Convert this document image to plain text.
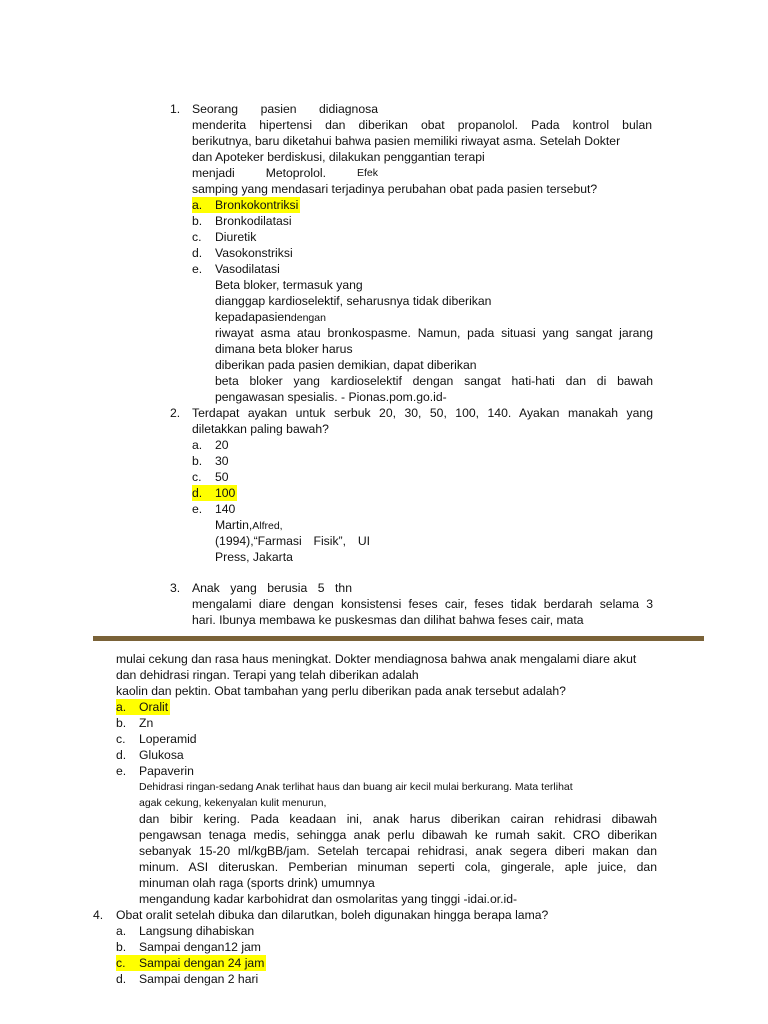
1. Seorang pasien didiagnosa
menderita hipertensi dan diberikan obat propanolol. Pada kontrol bulan
berikutnya, baru diketahui bahwa pasien memiliki riwayat asma. Setelah Dokter
dan Apoteker berdiskusi, dilakukan penggantian terapi
menjadi	Metoprolol.	Efek
samping yang mendasari terjadinya perubahan obat pada pasien tersebut?
a. Bronkokontriksi
b. Bronkodilatasi
c. Diuretik
d. Vasokonstriksi
e. Vasodilatasi
Beta bloker, termasuk yang
dianggap kardioselektif, seharusnya tidak diberikan
kepadapasiendengan
riwayat asma atau bronkospasme. Namun, pada situasi yang sangat jarang
dimana beta bloker harus
diberikan pada pasien demikian, dapat diberikan
beta bloker yang kardioselektif dengan sangat hati-hati dan di bawah
pengawasan spesialis. - Pionas.pom.go.id-
2. Terdapat ayakan untuk serbuk 20, 30, 50, 100, 140. Ayakan manakah yang
diletakkan paling bawah?
a. 20
b. 30
c. 50
d. 100
e. 140
Martin,Alfred,
(1994),“Farmasi Fisik”, UI
Press, Jakarta
3. Anak yang berusia 5 thn
mengalami diare dengan konsistensi feses cair, feses tidak berdarah selama 3
hari. Ibunya membawa ke puskesmas dan dilihat bahwa feses cair, mata
mulai cekung dan rasa haus meningkat. Dokter mendiagnosa bahwa anak mengalami diare akut
dan dehidrasi ringan. Terapi yang telah diberikan adalah
kaolin dan pektin. Obat tambahan yang perlu diberikan pada anak tersebut adalah?
a. Oralit
b. Zn
c. Loperamid
d. Glukosa
e. Papaverin
Dehidrasi ringan-sedang Anak terlihat haus dan buang air kecil mulai berkurang. Mata terlihat
agak cekung, kekenyalan kulit menurun,
dan bibir kering. Pada keadaan ini, anak harus diberikan cairan rehidrasi dibawah
pengawsan tenaga medis, sehingga anak perlu dibawah ke rumah sakit. CRO diberikan
sebanyak 15-20 ml/kgBB/jam. Setelah tercapai rehidrasi, anak segera diberi makan dan
minum. ASI diteruskan. Pemberian minuman seperti cola, gingerale, aple juice, dan
minuman olah raga (sports drink) umumnya
mengandung kadar karbohidrat dan osmolaritas yang tinggi -idai.or.id-
4. Obat oralit setelah dibuka dan dilarutkan, boleh digunakan hingga berapa lama?
a. Langsung dihabiskan
b. Sampai dengan12 jam
c. Sampai dengan 24 jam
d. Sampai dengan 2 hari
